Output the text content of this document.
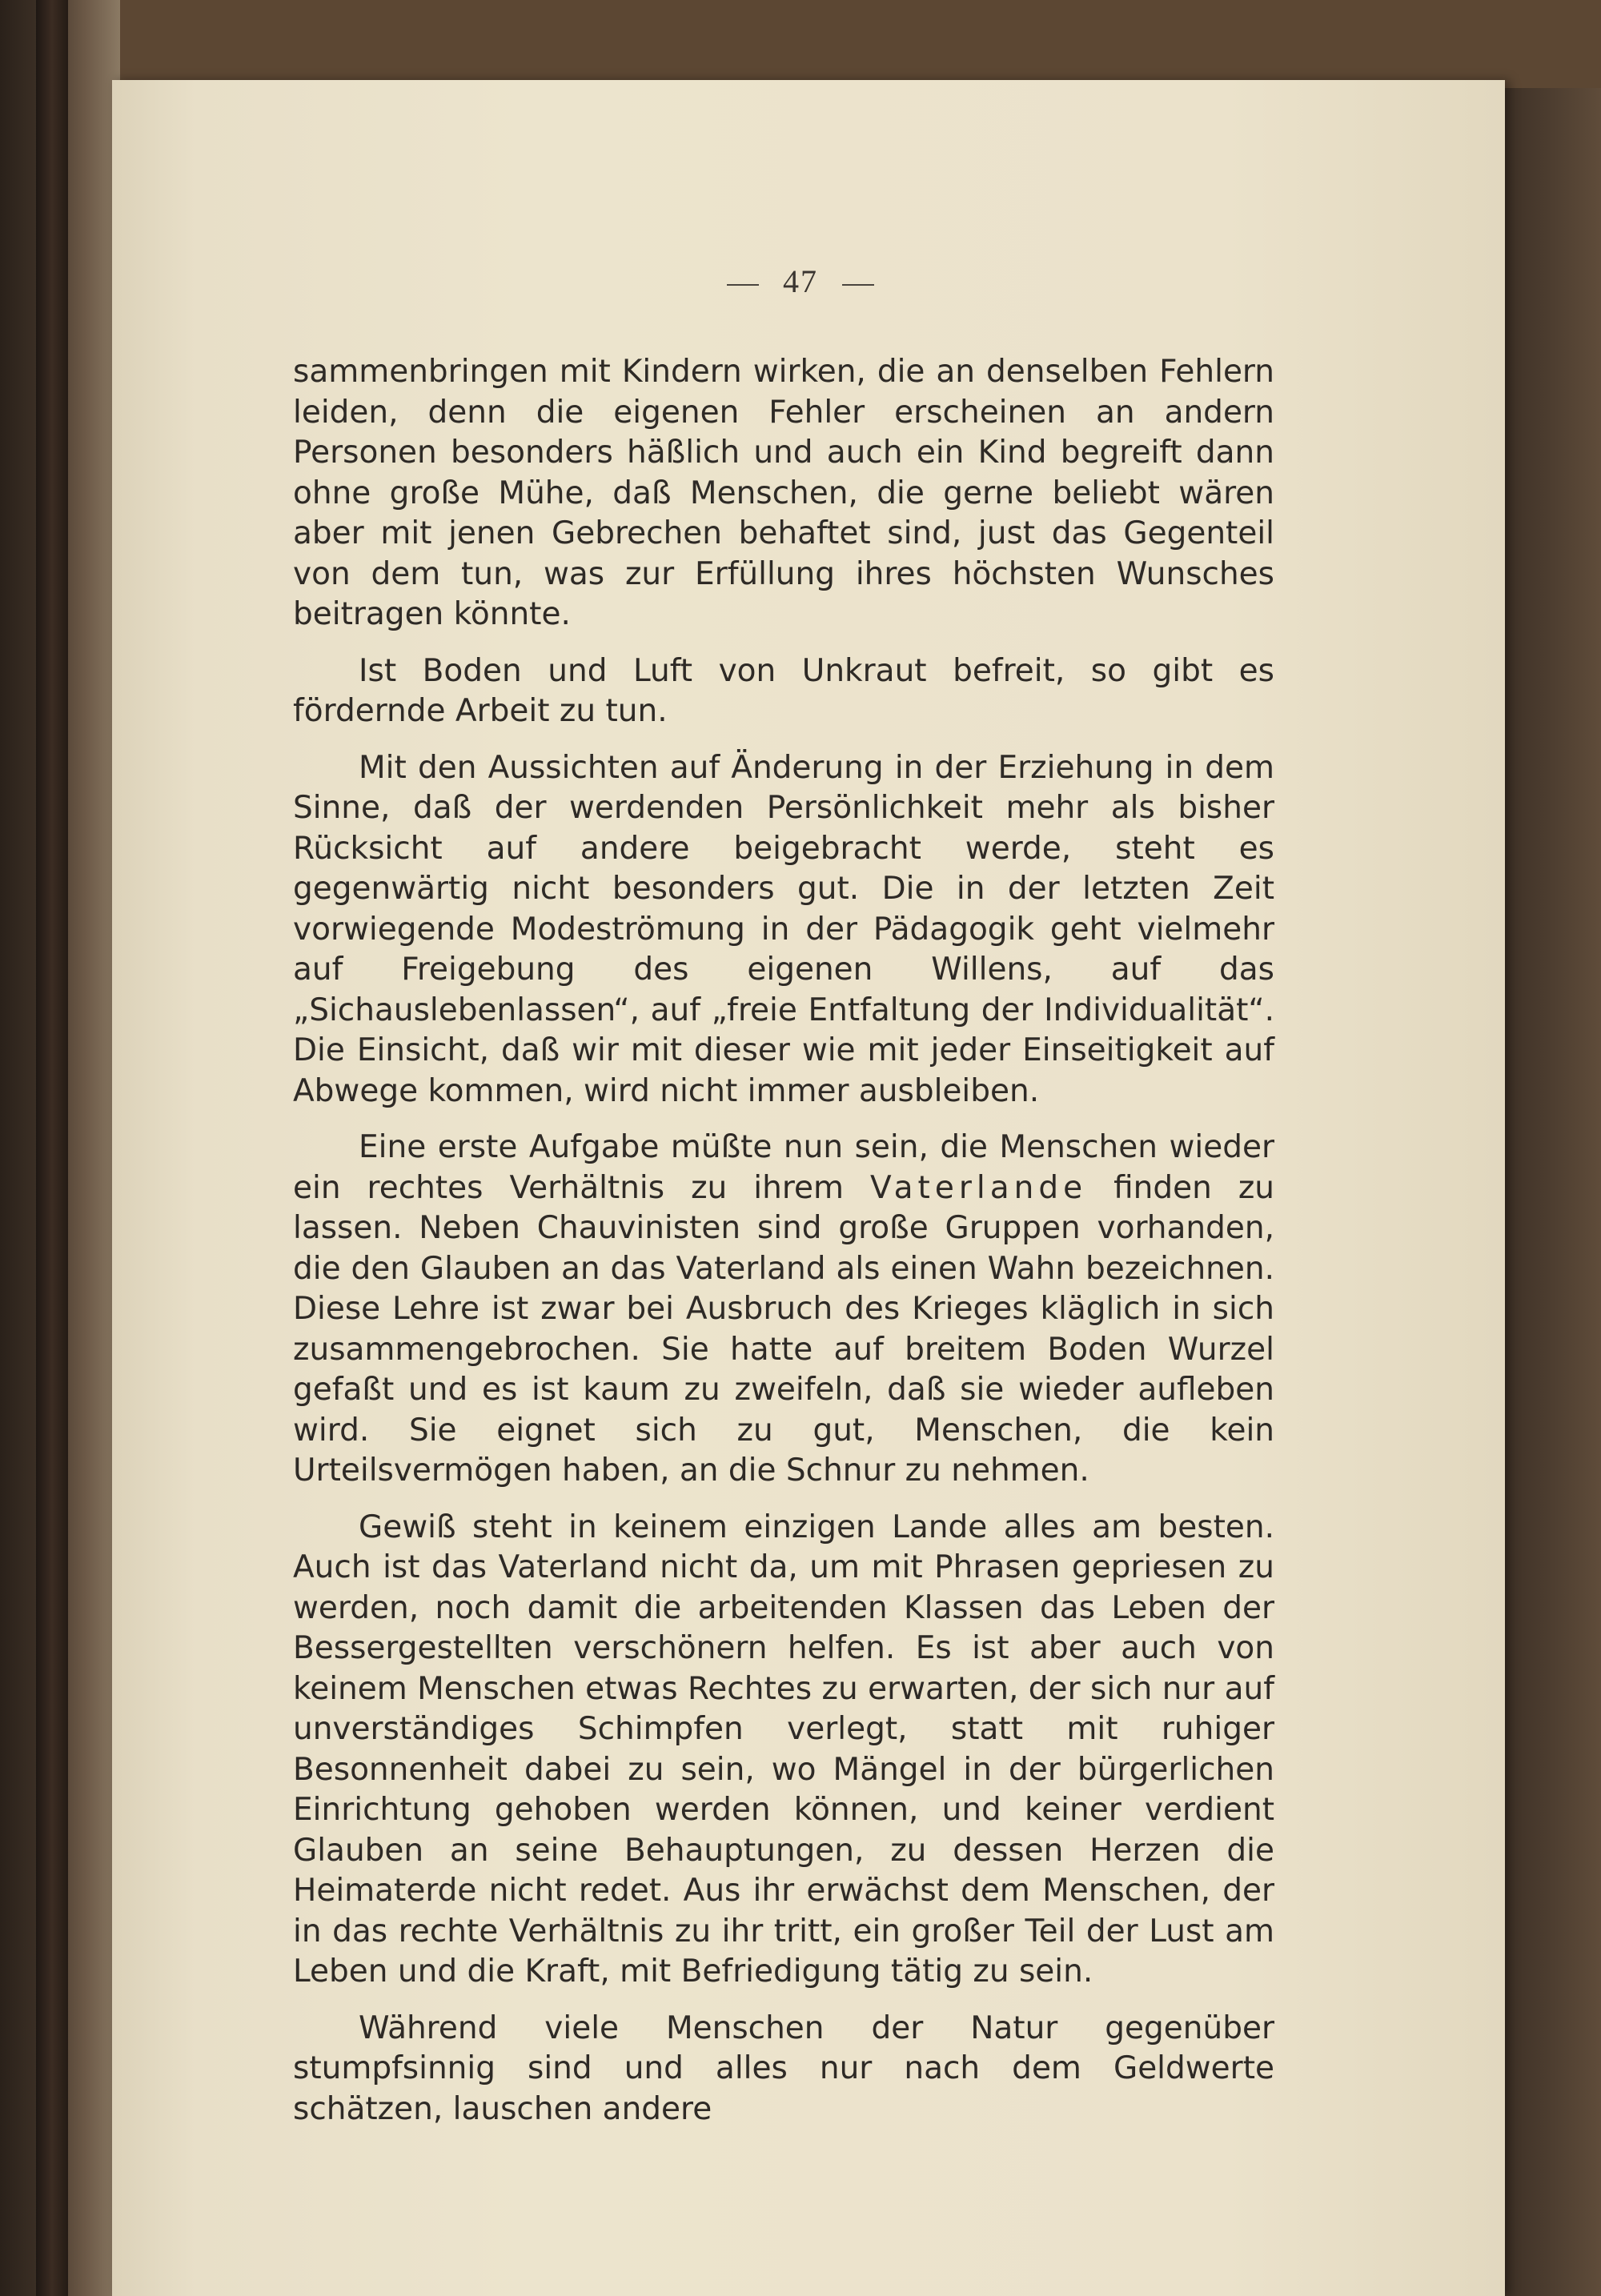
47

sammenbringen mit Kindern wirken, die an denselben Fehlern leiden, denn die eigenen Fehler erscheinen an andern Personen besonders häßlich und auch ein Kind begreift dann ohne große Mühe, daß Menschen, die gerne beliebt wären aber mit jenen Gebrechen behaftet sind, just das Gegenteil von dem tun, was zur Erfüllung ihres höchsten Wunsches beitragen könnte.

Ist Boden und Luft von Unkraut befreit, so gibt es fördernde Arbeit zu tun.

Mit den Aussichten auf Änderung in der Erziehung in dem Sinne, daß der werdenden Persönlichkeit mehr als bisher Rücksicht auf andere beigebracht werde, steht es gegenwärtig nicht besonders gut. Die in der letzten Zeit vorwiegende Modeströmung in der Pädagogik geht vielmehr auf Freigebung des eigenen Willens, auf das „Sichauslebenlassen“, auf „freie Entfaltung der Individualität“. Die Einsicht, daß wir mit dieser wie mit jeder Einseitigkeit auf Abwege kommen, wird nicht immer ausbleiben.

Eine erste Aufgabe müßte nun sein, die Menschen wieder ein rechtes Verhältnis zu ihrem Vaterlande finden zu lassen. Neben Chauvinisten sind große Gruppen vorhanden, die den Glauben an das Vaterland als einen Wahn bezeichnen. Diese Lehre ist zwar bei Ausbruch des Krieges kläglich in sich zusammengebrochen. Sie hatte auf breitem Boden Wurzel gefaßt und es ist kaum zu zweifeln, daß sie wieder aufleben wird. Sie eignet sich zu gut, Menschen, die kein Urteilsvermögen haben, an die Schnur zu nehmen.

Gewiß steht in keinem einzigen Lande alles am besten. Auch ist das Vaterland nicht da, um mit Phrasen gepriesen zu werden, noch damit die arbeitenden Klassen das Leben der Bessergestellten verschönern helfen. Es ist aber auch von keinem Menschen etwas Rechtes zu erwarten, der sich nur auf unverständiges Schimpfen verlegt, statt mit ruhiger Besonnenheit dabei zu sein, wo Mängel in der bürgerlichen Einrichtung gehoben werden können, und keiner verdient Glauben an seine Behauptungen, zu dessen Herzen die Heimaterde nicht redet. Aus ihr erwächst dem Menschen, der in das rechte Verhältnis zu ihr tritt, ein großer Teil der Lust am Leben und die Kraft, mit Befriedigung tätig zu sein.

Während viele Menschen der Natur gegenüber stumpfsinnig sind und alles nur nach dem Geldwerte schätzen, lauschen andere
